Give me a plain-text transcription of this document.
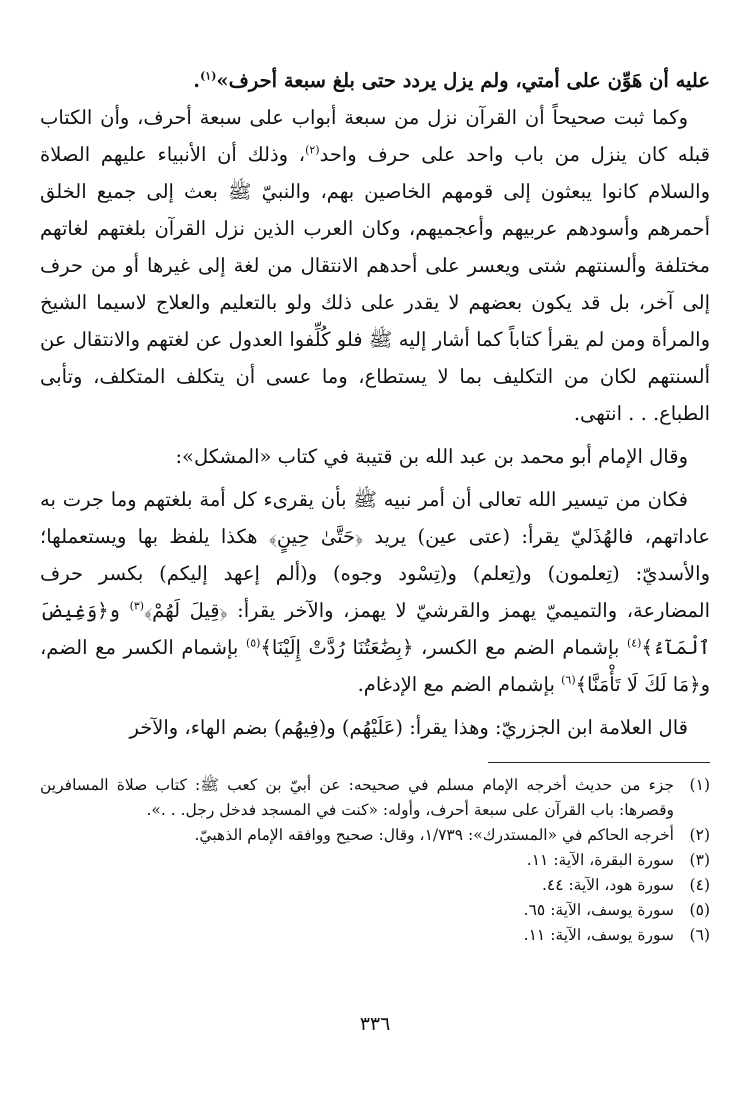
عليه أن هَوِّن على أمتي، ولم يزل يردد حتى بلغ سبعة أحرف»$^{(١)}$.

وكما ثبت صحيحاً أن القرآن نزل من سبعة أبواب على سبعة أحرف، وأن الكتاب قبله كان ينزل من باب واحد على حرف واحد$^{(٢)}$، وذلك أن الأنبياء عليهم الصلاة والسلام كانوا يبعثون إلى قومهم الخاصين بهم، والنبيّ ﷺ بعث إلى جميع الخلق أحمرهم وأسودهم عربيهم وأعجميهم، وكان العرب الذين نزل القرآن بلغتهم لغاتهم مختلفة وألسنتهم شتى ويعسر على أحدهم الانتقال من لغة إلى غيرها أو من حرف إلى آخر، بل قد يكون بعضهم لا يقدر على ذلك ولو بالتعليم والعلاج لاسيما الشيخ والمرأة ومن لم يقرأ كتاباً كما أشار إليه ﷺ فلو كُلِّفوا العدول عن لغتهم والانتقال عن ألسنتهم لكان من التكليف بما لا يستطاع، وما عسى أن يتكلف المتكلف، وتأبى الطباع. . . انتهى.

وقال الإمام أبو محمد بن عبد الله بن قتيبة في كتاب «المشكل»:

فكان من تيسير الله تعالى أن أمر نبيه ﷺ بأن يقرىء كل أمة بلغتهم وما جرت به عاداتهم، فالهُذَليّ يقرأ: (عتى عين) يريد ﴿حَتَّىٰ حِينٍ﴾ هكذا يلفظ بها ويستعملها؛ والأسديّ: (تِعلمون) و(تِعلم) و(تِسْود وجوه) و(ألم إعهد إليكم) بكسر حرف المضارعة، والتميميّ يهمز والقرشيّ لا يهمز، والآخر يقرأ: ﴿قِيلَ لَهُمْ﴾$^{(٣)}$ و﴿وَغِيضَ ٱلْمَآءُ﴾$^{(٤)}$ بإشمام الضم مع الكسر، ﴿بِضَٰعَتُنَا رُدَّتْ إِلَيْنَا﴾$^{(٥)}$ بإشمام الكسر مع الضم، و﴿مَا لَكَ لَا تَأْمَنَّا﴾$^{(٦)}$ بإشمام الضم مع الإدغام.

قال العلامة ابن الجزريّ: وهذا يقرأ: (عَلَيْهُم) و(فِيهُم) بضم الهاء، والآخر

(١)
جزء من حديث أخرجه الإمام مسلم في صحيحه: عن أبيّ بن كعب ﷺ: كتاب صلاة المسافرين وقصرها: باب القرآن على سبعة أحرف، وأوله: «كنت في المسجد فدخل رجل. . .».
(٢)
أخرجه الحاكم في «المستدرك»: ١/٧٣٩، وقال: صحيح ووافقه الإمام الذهبيّ.
(٣)
سورة البقرة، الآية: ١١.
(٤)
سورة هود، الآية: ٤٤.
(٥)
سورة يوسف، الآية: ٦٥.
(٦)
سورة يوسف، الآية: ١١.
٣٣٦
